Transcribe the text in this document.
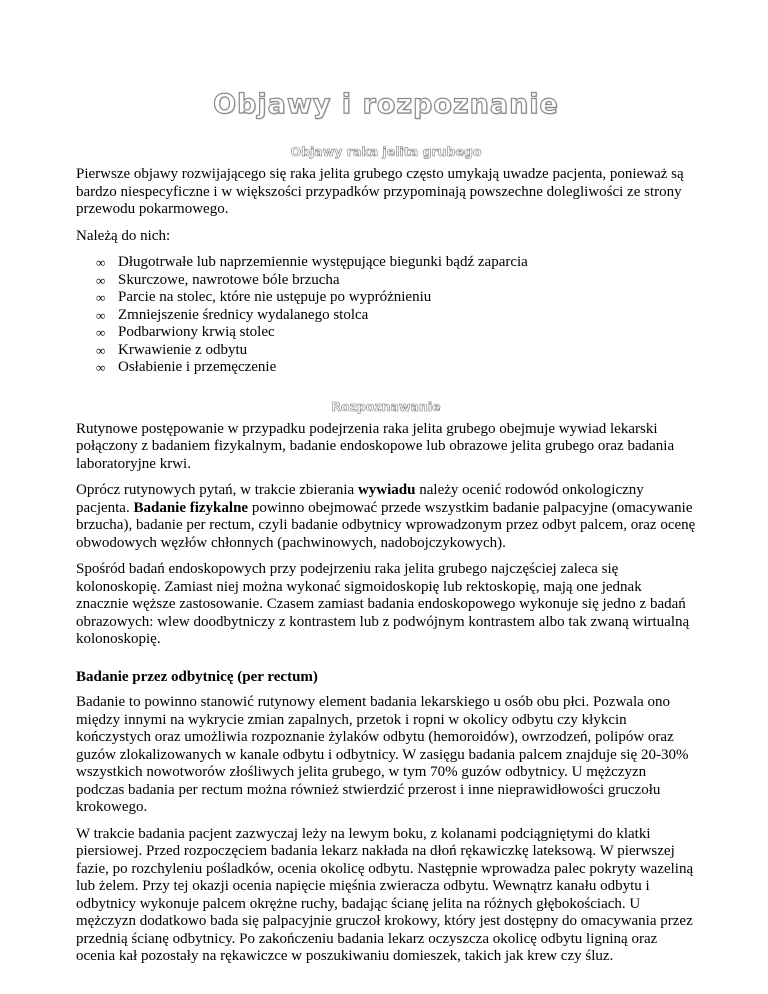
Objawy i rozpoznanie
Objawy raka jelita grubego

Pierwsze objawy rozwijającego się raka jelita grubego często umykają uwadze pacjenta, ponieważ są bardzo niespecyficzne i w większości przypadków przypominają powszechne dolegliwości ze strony przewodu pokarmowego.

Należą do nich:

∞ Długotrwałe lub naprzemiennie występujące biegunki bądź zaparcia
∞ Skurczowe, nawrotowe bóle brzucha
∞ Parcie na stolec, które nie ustępuje po wypróżnieniu
∞ Zmniejszenie średnicy wydalanego stolca
∞ Podbarwiony krwią stolec
∞ Krwawienie z odbytu
∞ Osłabienie i przemęczenie
Rozpoznawanie

Rutynowe postępowanie w przypadku podejrzenia raka jelita grubego obejmuje wywiad lekarski połączony z badaniem fizykalnym, badanie endoskopowe lub obrazowe jelita grubego oraz badania laboratoryjne krwi.

Oprócz rutynowych pytań, w trakcie zbierania wywiadu należy ocenić rodowód onkologiczny pacjenta. Badanie fizykalne powinno obejmować przede wszystkim badanie palpacyjne (omacywanie brzucha), badanie per rectum, czyli badanie odbytnicy wprowadzonym przez odbyt palcem, oraz ocenę obwodowych węzłów chłonnych (pachwinowych, nadobojczykowych).

Spośród badań endoskopowych przy podejrzeniu raka jelita grubego najczęściej zaleca się kolonoskopię. Zamiast niej można wykonać sigmoidoskopię lub rektoskopię, mają one jednak znacznie węższe zastosowanie. Czasem zamiast badania endoskopowego wykonuje się jedno z badań obrazowych: wlew doodbytniczy z kontrastem lub z podwójnym kontrastem albo tak zwaną wirtualną kolonoskopię.

Badanie przez odbytnicę (per rectum)

Badanie to powinno stanowić rutynowy element badania lekarskiego u osób obu płci. Pozwala ono między innymi na wykrycie zmian zapalnych, przetok i ropni w okolicy odbytu czy kłykcin kończystych oraz umożliwia rozpoznanie żylaków odbytu (hemoroidów), owrzodzeń, polipów oraz guzów zlokalizowanych w kanale odbytu i odbytnicy. W zasięgu badania palcem znajduje się 20-30% wszystkich nowotworów złośliwych jelita grubego, w tym 70% guzów odbytnicy. U mężczyzn podczas badania per rectum można również stwierdzić przerost i inne nieprawidłowości gruczołu krokowego.

W trakcie badania pacjent zazwyczaj leży na lewym boku, z kolanami podciągniętymi do klatki piersiowej. Przed rozpoczęciem badania lekarz nakłada na dłoń rękawiczkę lateksową. W pierwszej fazie, po rozchyleniu pośladków, ocenia okolicę odbytu. Następnie wprowadza palec pokryty wazeliną lub żelem. Przy tej okazji ocenia napięcie mięśnia zwieracza odbytu. Wewnątrz kanału odbytu i odbytnicy wykonuje palcem okrężne ruchy, badając ścianę jelita na różnych głębokościach. U mężczyzn dodatkowo bada się palpacyjnie gruczoł krokowy, który jest dostępny do omacywania przez przednią ścianę odbytnicy. Po zakończeniu badania lekarz oczyszcza okolicę odbytu ligniną oraz ocenia kał pozostały na rękawiczce w poszukiwaniu domieszek, takich jak krew czy śluz.
